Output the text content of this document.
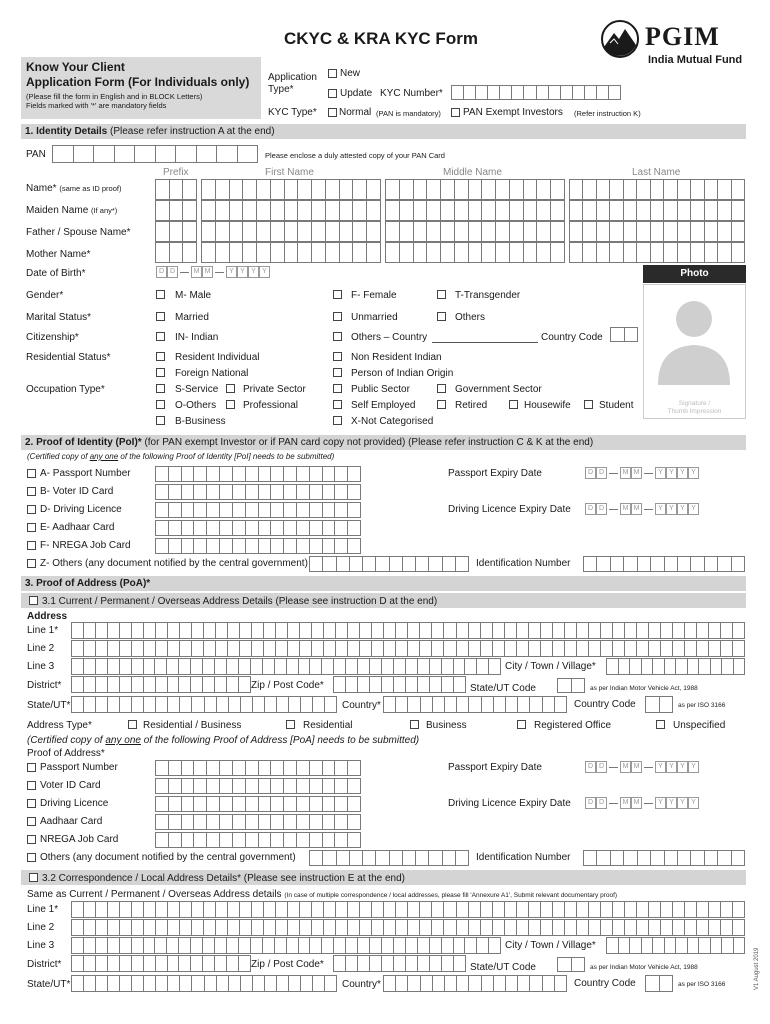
CKYC & KRA KYC Form	PGIM
India Mutual Fund
Know Your Client
Application Form (For Individuals only)
(Please fill the form in English and in BLOCK Letters)
Fields marked with '*' are mandatory fields
Application
Type*
New
Update KYC Number*
KYC Type* Normal (PAN is mandatory) PAN Exempt Investors (Refer instruction K)
1. Identity Details (Please refer instruction A at the end)
PAN	Please enclose a duly attested copy of your PAN Card
Prefix	First Name	Middle Name	Last Name
Name* (same as ID proof)
Maiden Name (If any*)
Father / Spouse Name*
Mother Name*
Date of Birth*	D D	M M	Y Y Y Y	Photo
Signature /
Thumb Impression
Gender*	M- Male	F- Female	T-Transgender
Marital Status*	Married	Unmarried	Others
Citizenship*	IN- Indian	Others – Country	Country Code
Residential Status*	Resident Individual	Non Resident Indian
Foreign National	Person of Indian Origin
Occupation Type*	S-Service Private Sector	Public Sector	Government Sector
O-Others	Professional	Self Employed	Retired	Housewife	Student
B-Business	X-Not Categorised
2. Proof of Identity (PoI)* (for PAN exempt Investor or if PAN card copy not provided) (Please refer instruction C & K at the end)
(Certified copy of any one of the following Proof of Identity [PoI] needs to be submitted)
A- Passport Number	Passport Expiry Date	D D	M M	Y Y Y Y
B- Voter ID Card
D- Driving Licence	Driving Licence Expiry Date	D D	M M	Y Y Y Y
E- Aadhaar Card
F- NREGA Job Card
Z- Others (any document notified by the central government)	Identification Number
3. Proof of Address (PoA)*
3.1 Current / Permanent / Overseas Address Details (Please see instruction D at the end)
Address
Line 1*
Line 2
Line 3	City / Town / Village*
District*	Zip / Post Code*	State/UT Code	as per Indian Motor Vehicle Act, 1988
State/UT*	Country*	Country Code	as per ISO 3166
Address Type*	Residential / Business	Residential	Business	Registered Office	Unspecified
(Certified copy of any one of the following Proof of Address [PoA] needs to be submitted)
Proof of Address*
Passport Number	Passport Expiry Date	D D	M M	Y Y Y Y
Voter ID Card
Driving Licence	Driving Licence Expiry Date	D D	M M	Y Y Y Y
Aadhaar Card
NREGA Job Card
Others (any document notified by the central government)	Identification Number
3.2 Correspondence / Local Address Details* (Please see instruction E at the end)
Same as Current / Permanent / Overseas Address details (In case of multiple correspondence / local addresses, please fill 'Annexure A1', Submit relevant documentary proof)
Line 1*
Line 2
Line 3	City / Town / Village*
District*	Zip / Post Code*	State/UT Code	as per Indian Motor Vehicle Act, 1988
State/UT*	Country*	Country Code	as per ISO 3166	V1 August 2019
